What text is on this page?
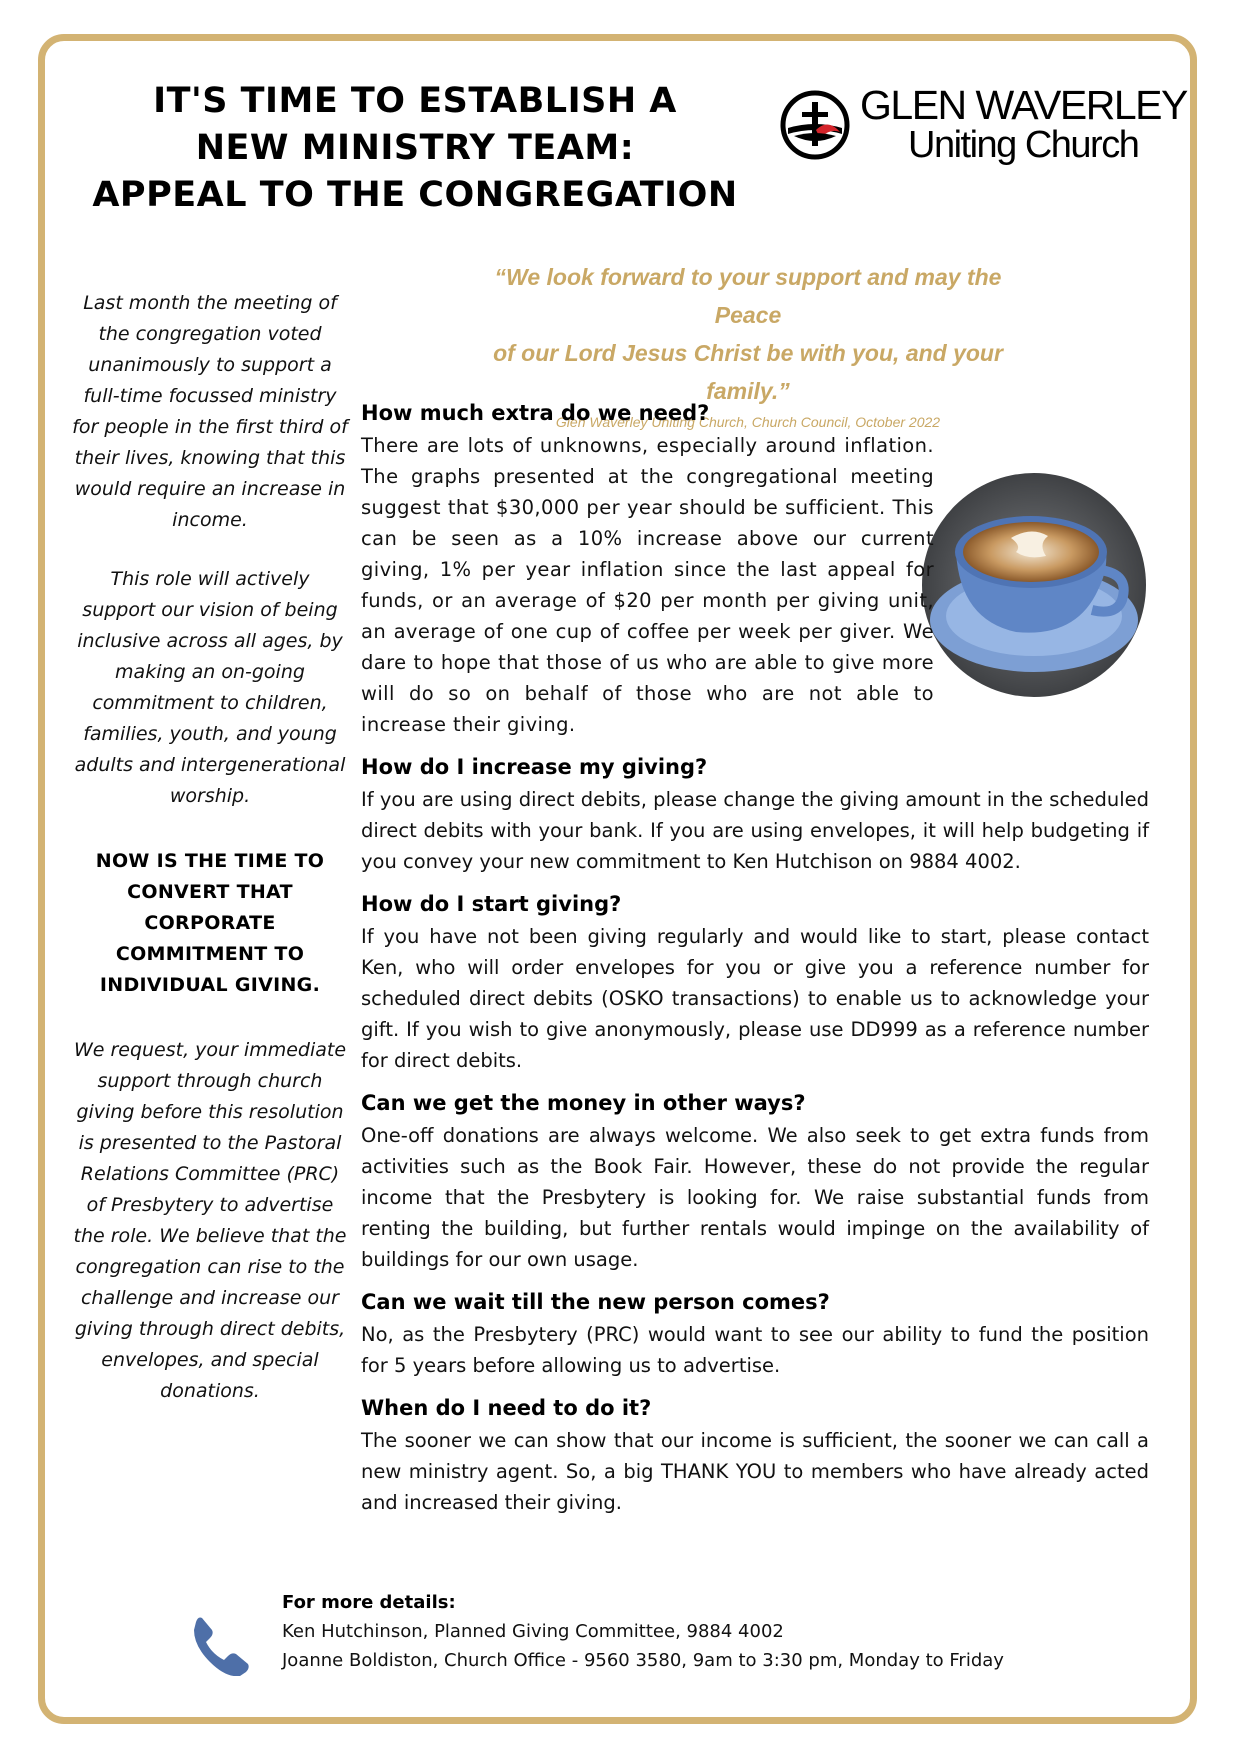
IT'S TIME TO ESTABLISH A
NEW MINISTRY TEAM:
APPEAL TO THE CONGREGATION
GLEN WAVERLEY
Uniting Church
“We look forward to your support and may the Peace
of our Lord Jesus Christ be with you, and your family.”
Glen Waverley Uniting Church, Church Council, October 2022

Last month the meeting of the congregation voted unanimously to support a full-time focussed ministry for people in the first third of their lives, knowing that this would require an increase in income.

This role will actively support our vision of being inclusive across all ages, by making an on-going commitment to children, families, youth, and young adults and intergenerational worship.

NOW IS THE TIME TO CONVERT THAT CORPORATE COMMITMENT TO INDIVIDUAL GIVING.

We request, your immediate support through church giving before this resolution is presented to the Pastoral Relations Committee (PRC) of Presbytery to advertise the role. We believe that the congregation can rise to the challenge and increase our giving through direct debits, envelopes, and special donations.

How much extra do we need?

There are lots of unknowns, especially around inflation. The graphs presented at the congregational meeting suggest that $30,000 per year should be sufficient. This can be seen as a 10% increase above our current giving, 1% per year inflation since the last appeal for funds, or an average of $20 per month per giving unit, an average of one cup of coffee per week per giver. We dare to hope that those of us who are able to give more will do so on behalf of those who are not able to increase their giving.

How do I increase my giving?

If you are using direct debits, please change the giving amount in the scheduled direct debits with your bank. If you are using envelopes, it will help budgeting if you convey your new commitment to Ken Hutchison on 9884 4002.

How do I start giving?

If you have not been giving regularly and would like to start, please contact Ken, who will order envelopes for you or give you a reference number for scheduled direct debits (OSKO transactions) to enable us to acknowledge your gift. If you wish to give anonymously, please use DD999 as a reference number for direct debits.

Can we get the money in other ways?

One-off donations are always welcome. We also seek to get extra funds from activities such as the Book Fair. However, these do not provide the regular income that the Presbytery is looking for. We raise substantial funds from renting the building, but further rentals would impinge on the availability of buildings for our own usage.

Can we wait till the new person comes?

No, as the Presbytery (PRC) would want to see our ability to fund the position for 5 years before allowing us to advertise.

When do I need to do it?

The sooner we can show that our income is sufficient, the sooner we can call a new ministry agent. So, a big THANK YOU to members who have already acted and increased their giving.

For more details:
Ken Hutchinson, Planned Giving Committee, 9884 4002
Joanne Boldiston, Church Office - 9560 3580, 9am to 3:30 pm, Monday to Friday
